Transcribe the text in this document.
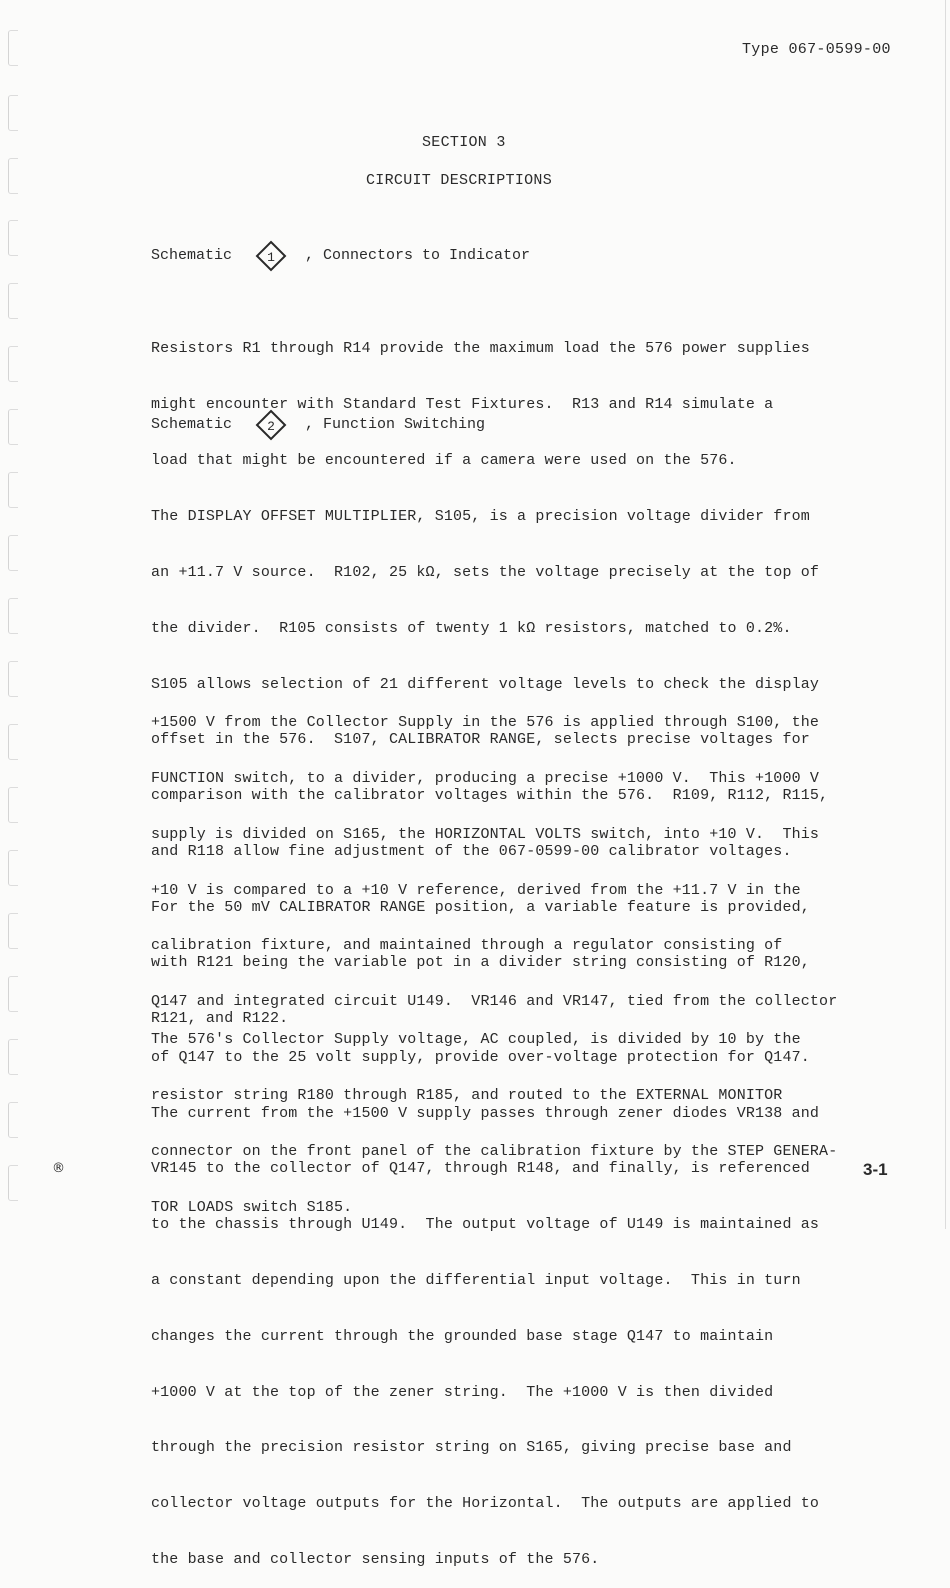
Type 067-0599-00
SECTION 3
CIRCUIT DESCRIPTIONS

Schematic

	1

, Connectors to Indicator

Resistors R1 through R14 provide the maximum load the 576 power supplies

might encounter with Standard Test Fixtures.  R13 and R14 simulate a

load that might be encountered if a camera were used on the 576.

Schematic

	2

, Function Switching

The DISPLAY OFFSET MULTIPLIER, S105, is a precision voltage divider from

an +11.7 V source.  R102, 25 kΩ, sets the voltage precisely at the top of

the divider.  R105 consists of twenty 1 kΩ resistors, matched to 0.2%.

S105 allows selection of 21 different voltage levels to check the display

offset in the 576.  S107, CALIBRATOR RANGE, selects precise voltages for

comparison with the calibrator voltages within the 576.  R109, R112, R115,

and R118 allow fine adjustment of the 067-0599-00 calibrator voltages.

For the 50 mV CALIBRATOR RANGE position, a variable feature is provided,

with R121 being the variable pot in a divider string consisting of R120,

R121, and R122.

+1500 V from the Collector Supply in the 576 is applied through S100, the

FUNCTION switch, to a divider, producing a precise +1000 V.  This +1000 V

supply is divided on S165, the HORIZONTAL VOLTS switch, into +10 V.  This

+10 V is compared to a +10 V reference, derived from the +11.7 V in the

calibration fixture, and maintained through a regulator consisting of

Q147 and integrated circuit U149.  VR146 and VR147, tied from the collector

of Q147 to the 25 volt supply, provide over-voltage protection for Q147.

The current from the +1500 V supply passes through zener diodes VR138 and

VR145 to the collector of Q147, through R148, and finally, is referenced

to the chassis through U149.  The output voltage of U149 is maintained as

a constant depending upon the differential input voltage.  This in turn

changes the current through the grounded base stage Q147 to maintain

+1000 V at the top of the zener string.  The +1000 V is then divided

through the precision resistor string on S165, giving precise base and

collector voltage outputs for the Horizontal.  The outputs are applied to

the base and collector sensing inputs of the 576.

The 576's Collector Supply voltage, AC coupled, is divided by 10 by the

resistor string R180 through R185, and routed to the EXTERNAL MONITOR

connector on the front panel of the calibration fixture by the STEP GENERA-

TOR LOADS switch S185.

®	3-1
